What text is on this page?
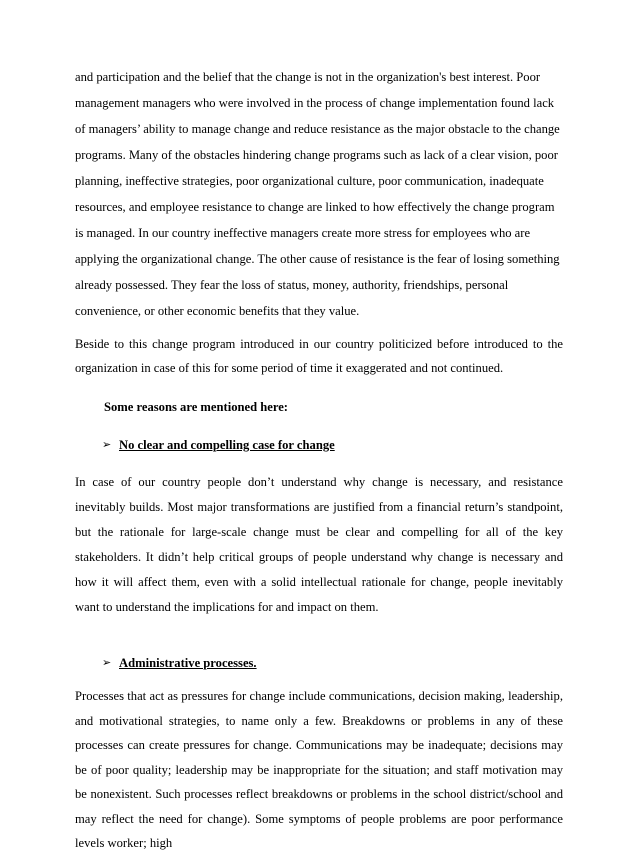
and participation and the belief that the change is not in the organization's best interest. Poor management managers who were involved in the process of change implementation found lack of managers’ ability to manage change and reduce resistance as the major obstacle to the change programs. Many of the obstacles hindering change programs such as lack of a clear vision, poor planning, ineffective strategies, poor organizational culture, poor communication, inadequate resources, and employee resistance to change are linked to how effectively the change program is managed. In our country ineffective managers create more stress for employees who are applying the organizational change. The other cause of resistance is the fear of losing something already possessed. They fear the loss of status, money, authority, friendships, personal convenience, or other economic benefits that they value.

Beside to this change program introduced in our country politicized before introduced to the organization in case of this for some period of time it exaggerated and not continued.

Some reasons are mentioned here:

➢ No clear and compelling case for change

In case of our country people don’t understand why change is necessary, and resistance inevitably builds. Most major transformations are justified from a financial return’s standpoint, but the rationale for large-scale change must be clear and compelling for all of the key stakeholders. It didn’t help critical groups of people understand why change is necessary and how it will affect them, even with a solid intellectual rationale for change, people inevitably want to understand the implications for and impact on them.

➢ Administrative processes.

Processes that act as pressures for change include communications, decision making, leadership, and motivational strategies, to name only a few. Breakdowns or problems in any of these processes can create pressures for change. Communications may be inadequate; decisions may be of poor quality; leadership may be inappropriate for the situation; and staff motivation may be nonexistent. Such processes reflect breakdowns or problems in the school district/school and may reflect the need for change). Some symptoms of people problems are poor performance levels worker; high
